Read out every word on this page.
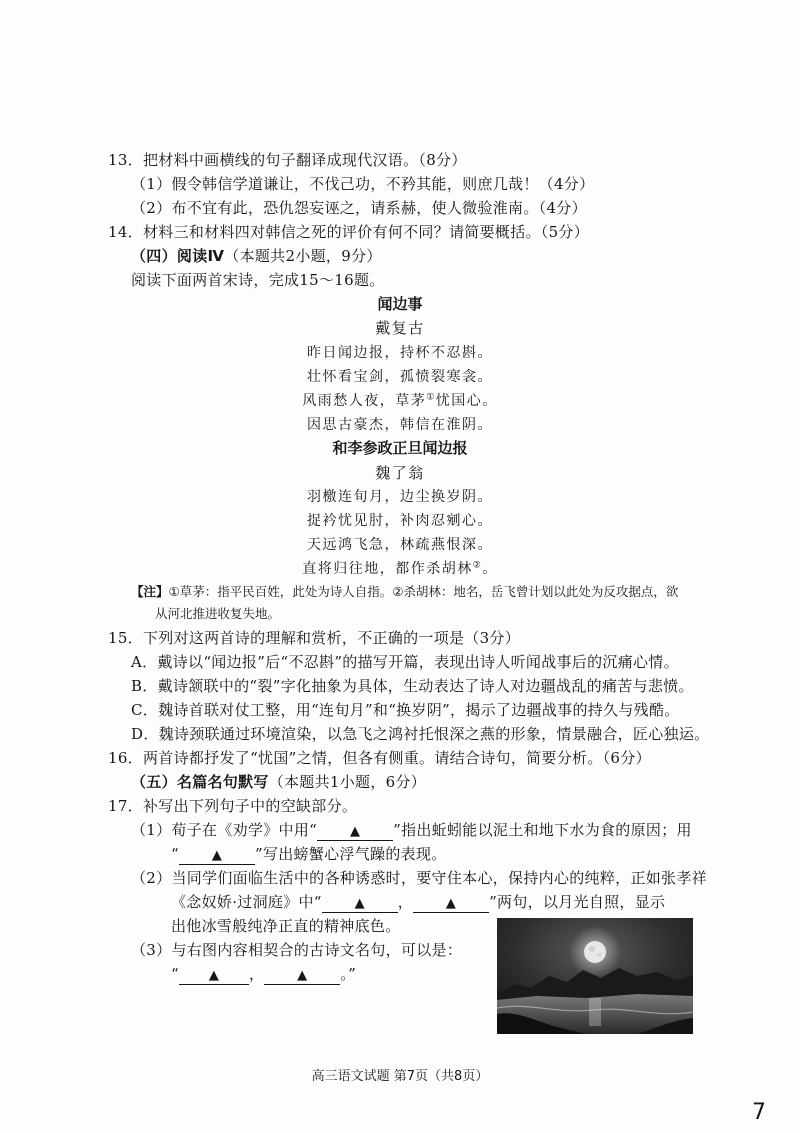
13．把材料中画横线的句子翻译成现代汉语。（8分）
（1）假令韩信学道谦让，不伐己功，不矜其能，则庶几哉！（4分）
（2）布不宜有此，恐仇怨妄诬之，请系赫，使人微验淮南。（4分）
14．材料三和材料四对韩信之死的评价有何不同？请简要概括。（5分）
（四）阅读Ⅳ（本题共2小题，9分）
阅读下面两首宋诗，完成15～16题。
闻边事
戴复古
昨日闻边报，持杯不忍斟。
壮怀看宝剑，孤愤裂寒衾。
风雨愁人夜，草茅①忧国心。
因思古豪杰，韩信在淮阴。
和李参政正旦闻边报
魏了翁
羽檄连旬月，边尘换岁阴。
捉衿忧见肘，补肉忍剜心。
天远鸿飞急，林疏燕恨深。
直将归往地，都作杀胡林②。
【注】①草茅：指平民百姓，此处为诗人自指。②杀胡林：地名，岳飞曾计划以此处为反攻据点，欲
从河北推进收复失地。
15．下列对这两首诗的理解和赏析，不正确的一项是（3分）
A．戴诗以“闻边报”后“不忍斟”的描写开篇，表现出诗人听闻战事后的沉痛心情。
B．戴诗颔联中的“裂”字化抽象为具体，生动表达了诗人对边疆战乱的痛苦与悲愤。
C．魏诗首联对仗工整，用“连旬月”和“换岁阴”，揭示了边疆战事的持久与残酷。
D．魏诗颈联通过环境渲染，以急飞之鸿衬托恨深之燕的形象，情景融合，匠心独运。
16．两首诗都抒发了“忧国”之情，但各有侧重。请结合诗句，简要分析。（6分）
（五）名篇名句默写（本题共1小题，6分）
17．补写出下列句子中的空缺部分。
（1）荀子在《劝学》中用“	▲ ”指出蚯蚓能以泥土和地下水为食的原因；用
“	▲ ”写出螃蟹心浮气躁的表现。
（2）当同学们面临生活中的各种诱惑时，要守住本心，保持内心的纯粹，正如张孝祥
《念奴娇·过洞庭》中“	▲ ，	▲ ”两句，以月光自照，显示
出他冰雪般纯净正直的精神底色。
（3）与右图内容相契合的古诗文名句，可以是：
“ ▲ ，	▲ 。”
高三语文试题 第7页（共8页）
7
